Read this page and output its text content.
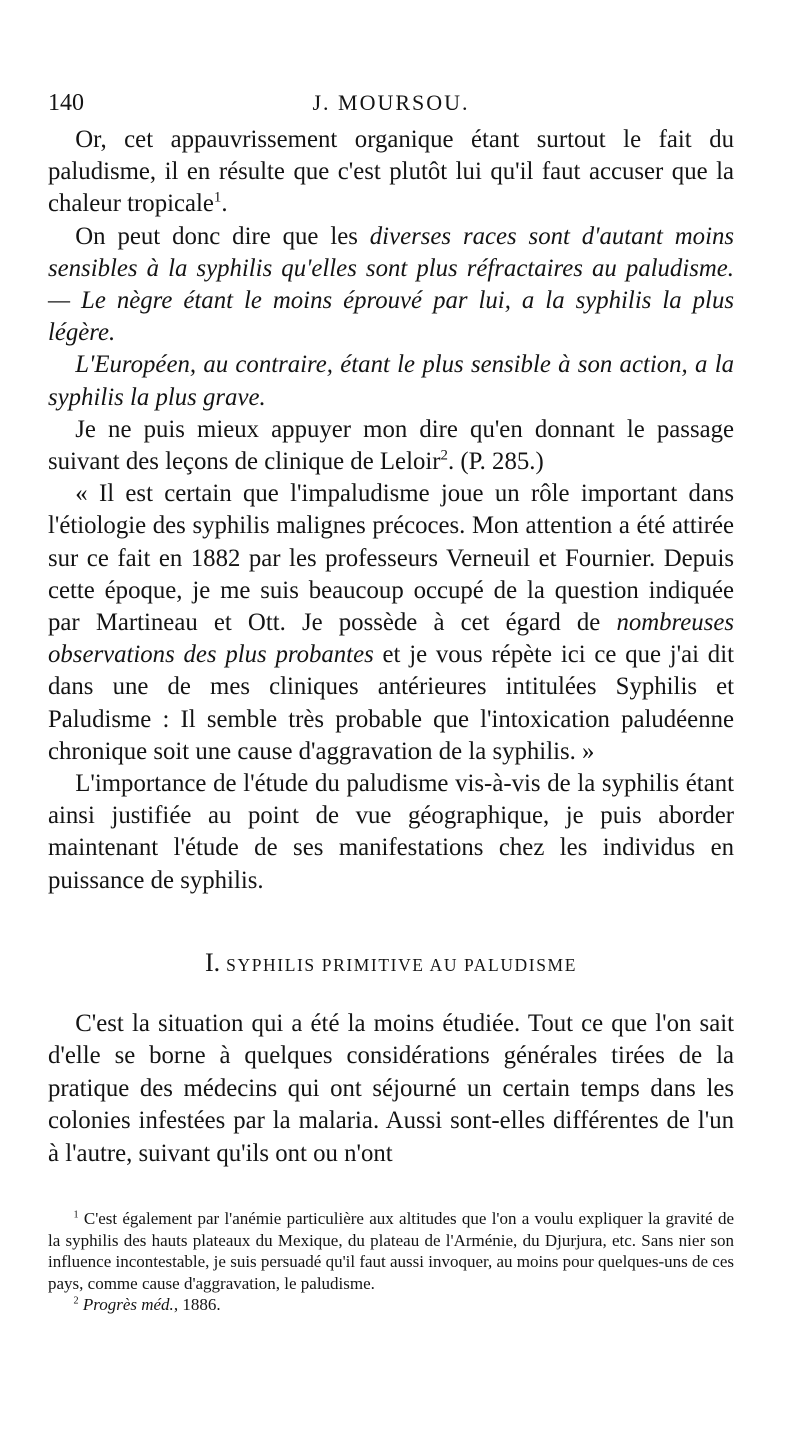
140	J. MOURSOU.

Or, cet appauvrissement organique étant surtout le fait du paludisme, il en résulte que c'est plutôt lui qu'il faut accuser que la chaleur tropicale$^1$.

On peut donc dire que les diverses races sont d'autant moins sensibles à la syphilis qu'elles sont plus réfractaires au paludisme. — Le nègre étant le moins éprouvé par lui, a la syphilis la plus légère.

L'Européen, au contraire, étant le plus sensible à son action, a la syphilis la plus grave.

Je ne puis mieux appuyer mon dire qu'en donnant le passage suivant des leçons de clinique de Leloir$^2$. (P. 285.)

« Il est certain que l'impaludisme joue un rôle important dans l'étiologie des syphilis malignes précoces. Mon attention a été attirée sur ce fait en 1882 par les professeurs Verneuil et Fournier. Depuis cette époque, je me suis beaucoup occupé de la question indiquée par Martineau et Ott. Je possède à cet égard de nombreuses observations des plus probantes et je vous répète ici ce que j'ai dit dans une de mes cliniques antérieures intitulées Syphilis et Paludisme : Il semble très probable que l'intoxication paludéenne chronique soit une cause d'aggravation de la syphilis. »

L'importance de l'étude du paludisme vis-à-vis de la syphilis étant ainsi justifiée au point de vue géographique, je puis aborder maintenant l'étude de ses manifestations chez les individus en puissance de syphilis.

I. SYPHILIS PRIMITIVE AU PALUDISME

C'est la situation qui a été la moins étudiée. Tout ce que l'on sait d'elle se borne à quelques considérations générales tirées de la pratique des médecins qui ont séjourné un certain temps dans les colonies infestées par la malaria. Aussi sont-elles différentes de l'un à l'autre, suivant qu'ils ont ou n'ont

$^1$ C'est également par l'anémie particulière aux altitudes que l'on a voulu expliquer la gravité de la syphilis des hauts plateaux du Mexique, du plateau de l'Arménie, du Djurjura, etc. Sans nier son influence incontestable, je suis persuadé qu'il faut aussi invoquer, au moins pour quelques-uns de ces pays, comme cause d'aggravation, le paludisme.

$^2$ Progrès méd., 1886.
